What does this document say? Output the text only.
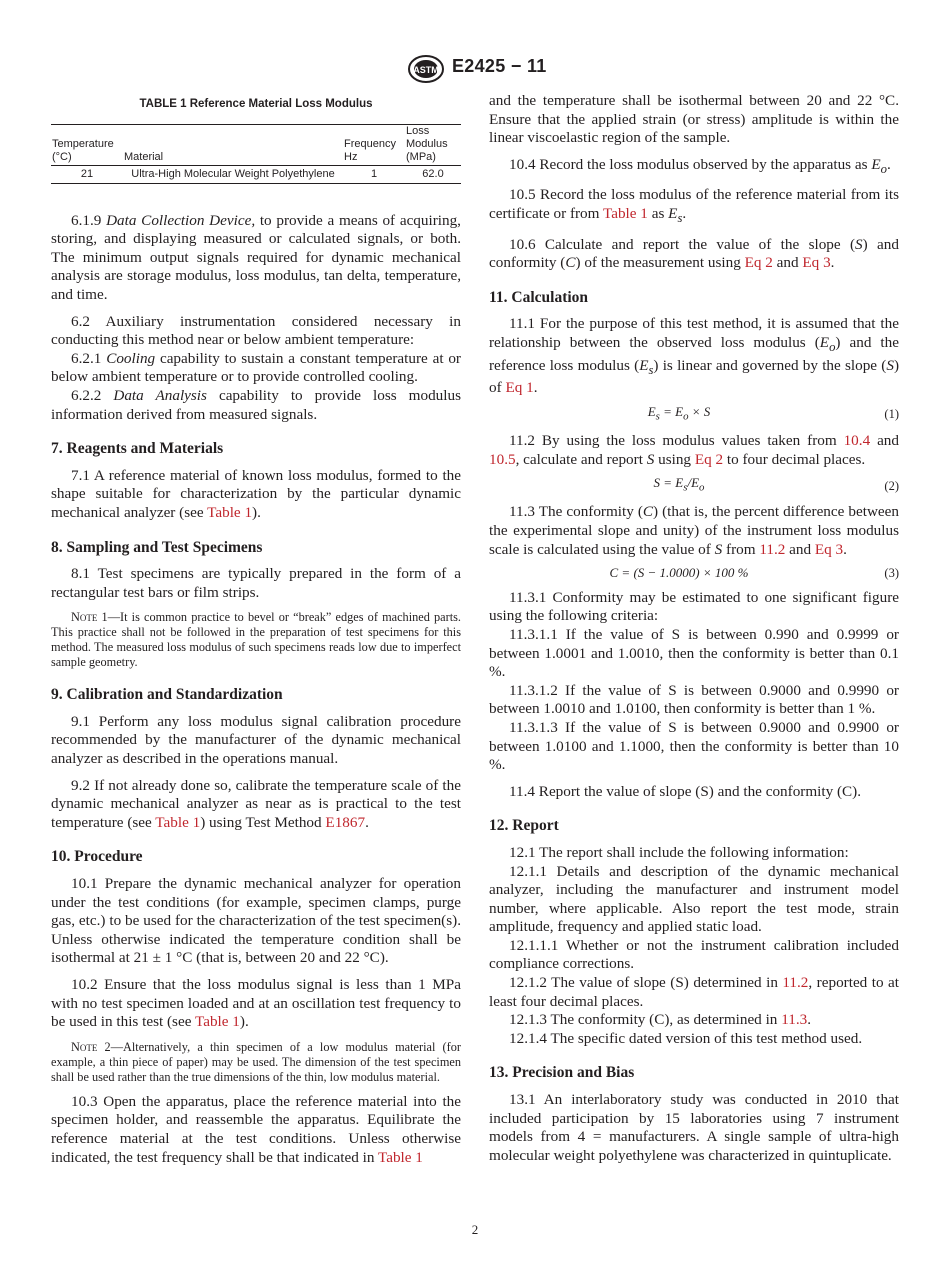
ASTM E2425 − 11
TABLE 1 Reference Material Loss Modulus
Temperature (°C)	Material	Frequency Hz	Loss Modulus (MPa)
21	Ultra-High Molecular Weight Polyethylene	1	62.0

6.1.9 Data Collection Device, to provide a means of acquiring, storing, and displaying measured or calculated signals, or both. The minimum output signals required for dynamic mechanical analysis are storage modulus, loss modulus, tan delta, temperature, and time.

6.2 Auxiliary instrumentation considered necessary in conducting this method near or below ambient temperature:

6.2.1 Cooling capability to sustain a constant temperature at or below ambient temperature or to provide controlled cooling.

6.2.2 Data Analysis capability to provide loss modulus information derived from measured signals.

7. Reagents and Materials

7.1 A reference material of known loss modulus, formed to the shape suitable for characterization by the particular dynamic mechanical analyzer (see Table 1).

8. Sampling and Test Specimens

8.1 Test specimens are typically prepared in the form of a rectangular test bars or film strips.

Note 1—It is common practice to bevel or “break” edges of machined parts. This practice shall not be followed in the preparation of test specimens for this method. The measured loss modulus of such specimens reads low due to imperfect sample geometry.

9. Calibration and Standardization

9.1 Perform any loss modulus signal calibration procedure recommended by the manufacturer of the dynamic mechanical analyzer as described in the operations manual.

9.2 If not already done so, calibrate the temperature scale of the dynamic mechanical analyzer as near as is practical to the test temperature (see Table 1) using Test Method E1867.

10. Procedure

10.1 Prepare the dynamic mechanical analyzer for operation under the test conditions (for example, specimen clamps, purge gas, etc.) to be used for the characterization of the test specimen(s). Unless otherwise indicated the temperature condition shall be isothermal at 21 ± 1 °C (that is, between 20 and 22 °C).

10.2 Ensure that the loss modulus signal is less than 1 MPa with no test specimen loaded and at an oscillation test frequency to be used in this test (see Table 1).

Note 2—Alternatively, a thin specimen of a low modulus material (for example, a thin piece of paper) may be used. The dimension of the test specimen shall be used rather than the true dimensions of the thin, low modulus material.

10.3 Open the apparatus, place the reference material into the specimen holder, and reassemble the apparatus. Equilibrate the reference material at the test conditions. Unless otherwise indicated, the test frequency shall be that indicated in Table 1

and the temperature shall be isothermal between 20 and 22 °C. Ensure that the applied strain (or stress) amplitude is within the linear viscoelastic region of the sample.

10.4 Record the loss modulus observed by the apparatus as $E_o$.

10.5 Record the loss modulus of the reference material from its certificate or from Table 1 as $E_s$.

10.6 Calculate and report the value of the slope (S) and conformity (C) of the measurement using Eq 2 and Eq 3.

11. Calculation

11.1 For the purpose of this test method, it is assumed that the relationship between the observed loss modulus $(E_o)$ and the reference loss modulus $(E_s)$ is linear and governed by the slope (S) of Eq 1.

$E_s = E_o \times S$	(1)

11.2 By using the loss modulus values taken from 10.4 and 10.5, calculate and report S using Eq 2 to four decimal places.

$S = E_s/E_o$	(2)

11.3 The conformity (C) (that is, the percent difference between the experimental slope and unity) of the instrument loss modulus scale is calculated using the value of S from 11.2 and Eq 3.

C = (S − 1.0000) × 100 %	(3)

11.3.1 Conformity may be estimated to one significant figure using the following criteria:

11.3.1.1 If the value of S is between 0.990 and 0.9999 or between 1.0001 and 1.0010, then the conformity is better than 0.1 %.

11.3.1.2 If the value of S is between 0.9000 and 0.9990 or between 1.0010 and 1.0100, then conformity is better than 1 %.

11.3.1.3 If the value of S is between 0.9000 and 0.9900 or between 1.0100 and 1.1000, then the conformity is better than 10 %.

11.4 Report the value of slope (S) and the conformity (C).

12. Report

12.1 The report shall include the following information:

12.1.1 Details and description of the dynamic mechanical analyzer, including the manufacturer and instrument model number, where applicable. Also report the test mode, strain amplitude, frequency and applied static load.

12.1.1.1 Whether or not the instrument calibration included compliance corrections.

12.1.2 The value of slope (S) determined in 11.2, reported to at least four decimal places.

12.1.3 The conformity (C), as determined in 11.3.

12.1.4 The specific dated version of this test method used.

13. Precision and Bias

13.1 An interlaboratory study was conducted in 2010 that included participation by 15 laboratories using 7 instrument models from 4 = manufacturers. A single sample of ultra-high molecular weight polyethylene was characterized in quintuplicate.

2
